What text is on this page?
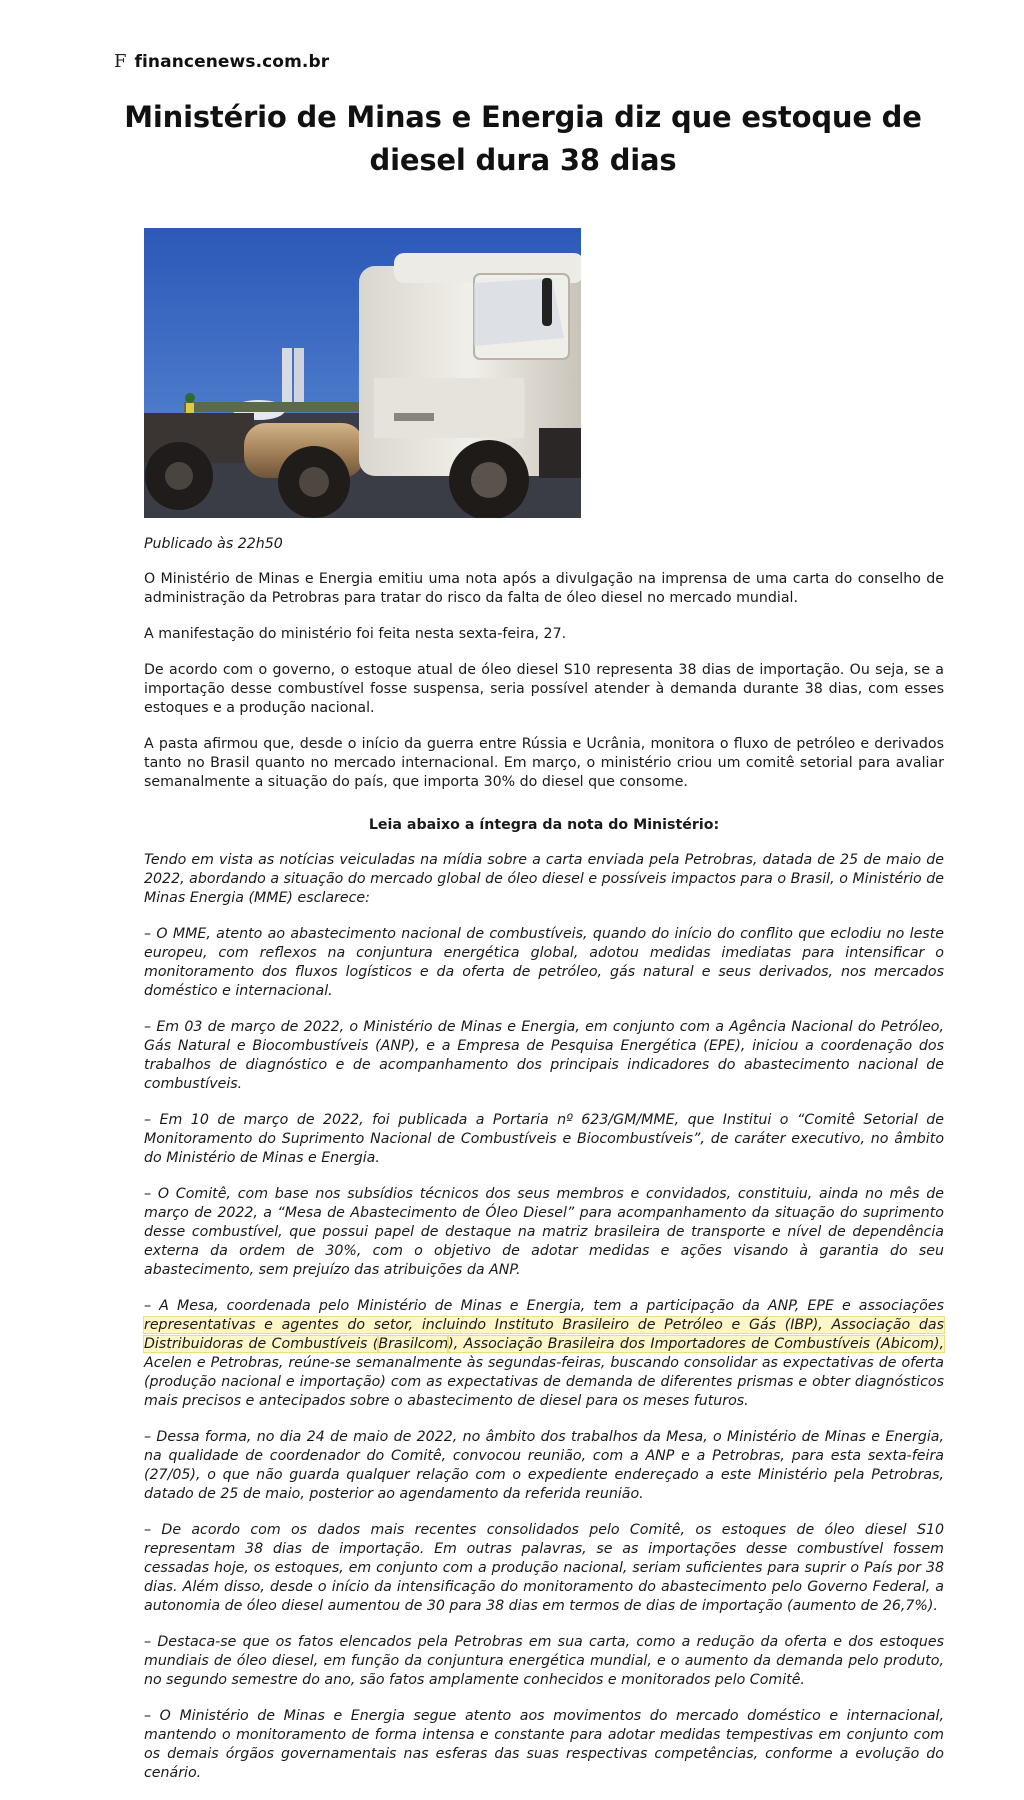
F financenews.com.br
Ministério de Minas e Energia diz que estoque de diesel dura 38 dias

Publicado às 22h50

O Ministério de Minas e Energia emitiu uma nota após a divulgação na imprensa de uma carta do conselho de administração da Petrobras para tratar do risco da falta de óleo diesel no mercado mundial.

A manifestação do ministério foi feita nesta sexta-feira, 27.

De acordo com o governo, o estoque atual de óleo diesel S10 representa 38 dias de importação. Ou seja, se a importação desse combustível fosse suspensa, seria possível atender à demanda durante 38 dias, com esses estoques e a produção nacional.

A pasta afirmou que, desde o início da guerra entre Rússia e Ucrânia, monitora o fluxo de petróleo e derivados tanto no Brasil quanto no mercado internacional. Em março, o ministério criou um comitê setorial para avaliar semanalmente a situação do país, que importa 30% do diesel que consome.

Leia abaixo a íntegra da nota do Ministério:

Tendo em vista as notícias veiculadas na mídia sobre a carta enviada pela Petrobras, datada de 25 de maio de 2022, abordando a situação do mercado global de óleo diesel e possíveis impactos para o Brasil, o Ministério de Minas Energia (MME) esclarece:

– O MME, atento ao abastecimento nacional de combustíveis, quando do início do conflito que eclodiu no leste europeu, com reflexos na conjuntura energética global, adotou medidas imediatas para intensificar o monitoramento dos fluxos logísticos e da oferta de petróleo, gás natural e seus derivados, nos mercados doméstico e internacional.

– Em 03 de março de 2022, o Ministério de Minas e Energia, em conjunto com a Agência Nacional do Petróleo, Gás Natural e Biocombustíveis (ANP), e a Empresa de Pesquisa Energética (EPE), iniciou a coordenação dos trabalhos de diagnóstico e de acompanhamento dos principais indicadores do abastecimento nacional de combustíveis.

– Em 10 de março de 2022, foi publicada a Portaria nº 623/GM/MME, que Institui o “Comitê Setorial de Monitoramento do Suprimento Nacional de Combustíveis e Biocombustíveis”, de caráter executivo, no âmbito do Ministério de Minas e Energia.

– O Comitê, com base nos subsídios técnicos dos seus membros e convidados, constituiu, ainda no mês de março de 2022, a “Mesa de Abastecimento de Óleo Diesel” para acompanhamento da situação do suprimento desse combustível, que possui papel de destaque na matriz brasileira de transporte e nível de dependência externa da ordem de 30%, com o objetivo de adotar medidas e ações visando à garantia do seu abastecimento, sem prejuízo das atribuições da ANP.

– A Mesa, coordenada pelo Ministério de Minas e Energia, tem a participação da ANP, EPE e associações representativas e agentes do setor, incluindo Instituto Brasileiro de Petróleo e Gás (IBP), Associação das Distribuidoras de Combustíveis (Brasilcom), Associação Brasileira dos Importadores de Combustíveis (Abicom), Acelen e Petrobras, reúne-se semanalmente às segundas-feiras, buscando consolidar as expectativas de oferta (produção nacional e importação) com as expectativas de demanda de diferentes prismas e obter diagnósticos mais precisos e antecipados sobre o abastecimento de diesel para os meses futuros.

– Dessa forma, no dia 24 de maio de 2022, no âmbito dos trabalhos da Mesa, o Ministério de Minas e Energia, na qualidade de coordenador do Comitê, convocou reunião, com a ANP e a Petrobras, para esta sexta-feira (27/05), o que não guarda qualquer relação com o expediente endereçado a este Ministério pela Petrobras, datado de 25 de maio, posterior ao agendamento da referida reunião.

– De acordo com os dados mais recentes consolidados pelo Comitê, os estoques de óleo diesel S10 representam 38 dias de importação. Em outras palavras, se as importações desse combustível fossem cessadas hoje, os estoques, em conjunto com a produção nacional, seriam suficientes para suprir o País por 38 dias. Além disso, desde o início da intensificação do monitoramento do abastecimento pelo Governo Federal, a autonomia de óleo diesel aumentou de 30 para 38 dias em termos de dias de importação (aumento de 26,7%).

– Destaca-se que os fatos elencados pela Petrobras em sua carta, como a redução da oferta e dos estoques mundiais de óleo diesel, em função da conjuntura energética mundial, e o aumento da demanda pelo produto, no segundo semestre do ano, são fatos amplamente conhecidos e monitorados pelo Comitê.

– O Ministério de Minas e Energia segue atento aos movimentos do mercado doméstico e internacional, mantendo o monitoramento de forma intensa e constante para adotar medidas tempestivas em conjunto com os demais órgãos governamentais nas esferas das suas respectivas competências, conforme a evolução do cenário.
